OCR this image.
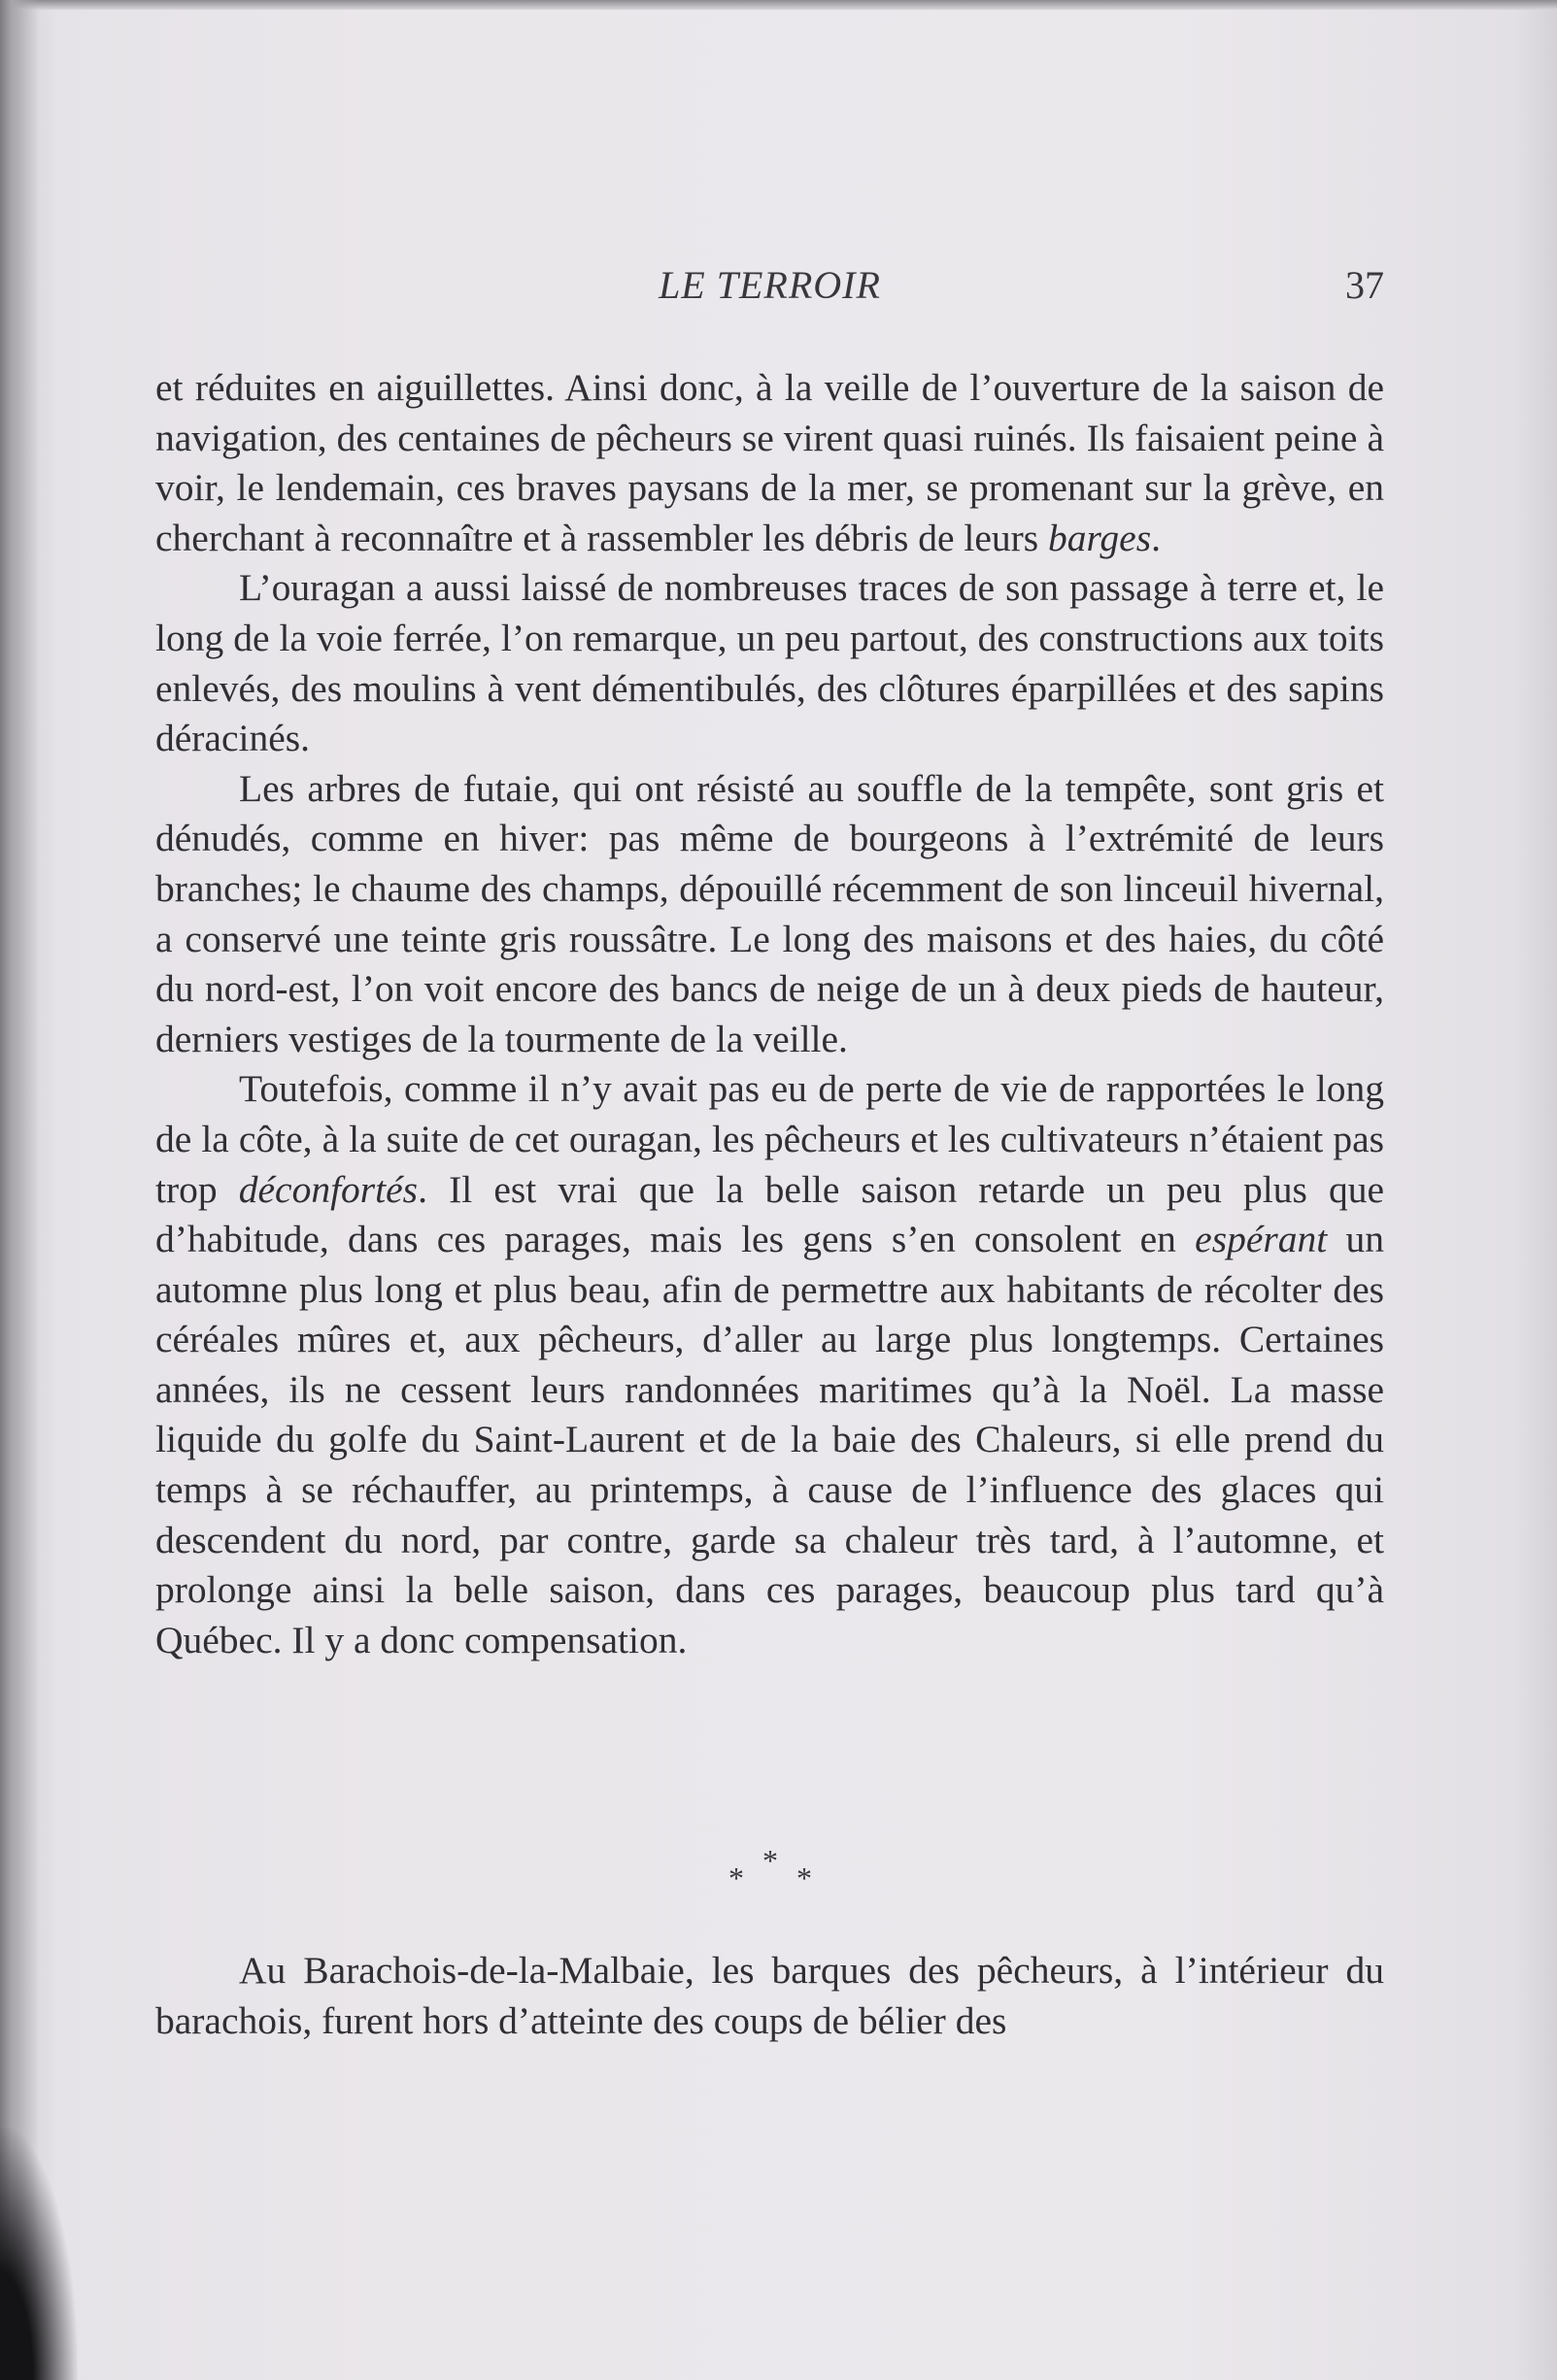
LE TERROIR	37

et réduites en aiguillettes. Ainsi donc, à la veille de l’ouverture de la saison de navigation, des centaines de pêcheurs se virent quasi ruinés. Ils faisaient peine à voir, le lendemain, ces braves paysans de la mer, se promenant sur la grève, en cherchant à reconnaître et à rassembler les débris de leurs barges.

L’ouragan a aussi laissé de nombreuses traces de son passage à terre et, le long de la voie ferrée, l’on remarque, un peu partout, des constructions aux toits enlevés, des moulins à vent démentibulés, des clôtures éparpillées et des sapins déracinés.

Les arbres de futaie, qui ont résisté au souffle de la tempête, sont gris et dénudés, comme en hiver: pas même de bourgeons à l’extrémité de leurs branches; le chaume des champs, dépouillé récemment de son linceuil hivernal, a conservé une teinte gris roussâtre. Le long des maisons et des haies, du côté du nord-est, l’on voit encore des bancs de neige de un à deux pieds de hauteur, derniers vestiges de la tourmente de la veille.

Toutefois, comme il n’y avait pas eu de perte de vie de rapportées le long de la côte, à la suite de cet ouragan, les pêcheurs et les cultivateurs n’étaient pas trop déconfortés. Il est vrai que la belle saison retarde un peu plus que d’habitude, dans ces parages, mais les gens s’en consolent en espérant un automne plus long et plus beau, afin de permettre aux habitants de récolter des céréales mûres et, aux pêcheurs, d’aller au large plus longtemps. Certaines années, ils ne cessent leurs randonnées maritimes qu’à la Noël. La masse liquide du golfe du Saint-Laurent et de la baie des Chaleurs, si elle prend du temps à se réchauffer, au printemps, à cause de l’influence des glaces qui descendent du nord, par contre, garde sa chaleur très tard, à l’automne, et prolonge ainsi la belle saison, dans ces parages, beaucoup plus tard qu’à Québec. Il y a donc compensation.

* * *

Au Barachois-de-la-Malbaie, les barques des pêcheurs, à l’intérieur du barachois, furent hors d’atteinte des coups de bélier des
